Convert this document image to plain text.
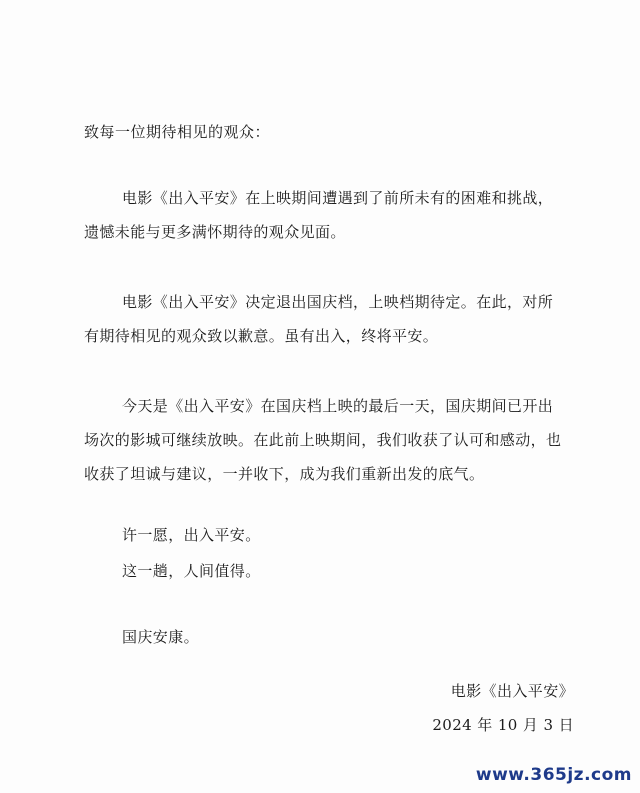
致每一位期待相见的观众：

电影《出入平安》在上映期间遭遇到了前所未有的困难和挑战，遗憾未能与更多满怀期待的观众见面。

电影《出入平安》决定退出国庆档，上映档期待定。在此，对所有期待相见的观众致以歉意。虽有出入，终将平安。

今天是《出入平安》在国庆档上映的最后一天，国庆期间已开出场次的影城可继续放映。在此前上映期间，我们收获了认可和感动，也收获了坦诚与建议，一并收下，成为我们重新出发的底气。

许一愿，出入平安。
这一趟，人间值得。
国庆安康。
电影《出入平安》
2024 年 10 月 3 日
www.365jz.com
